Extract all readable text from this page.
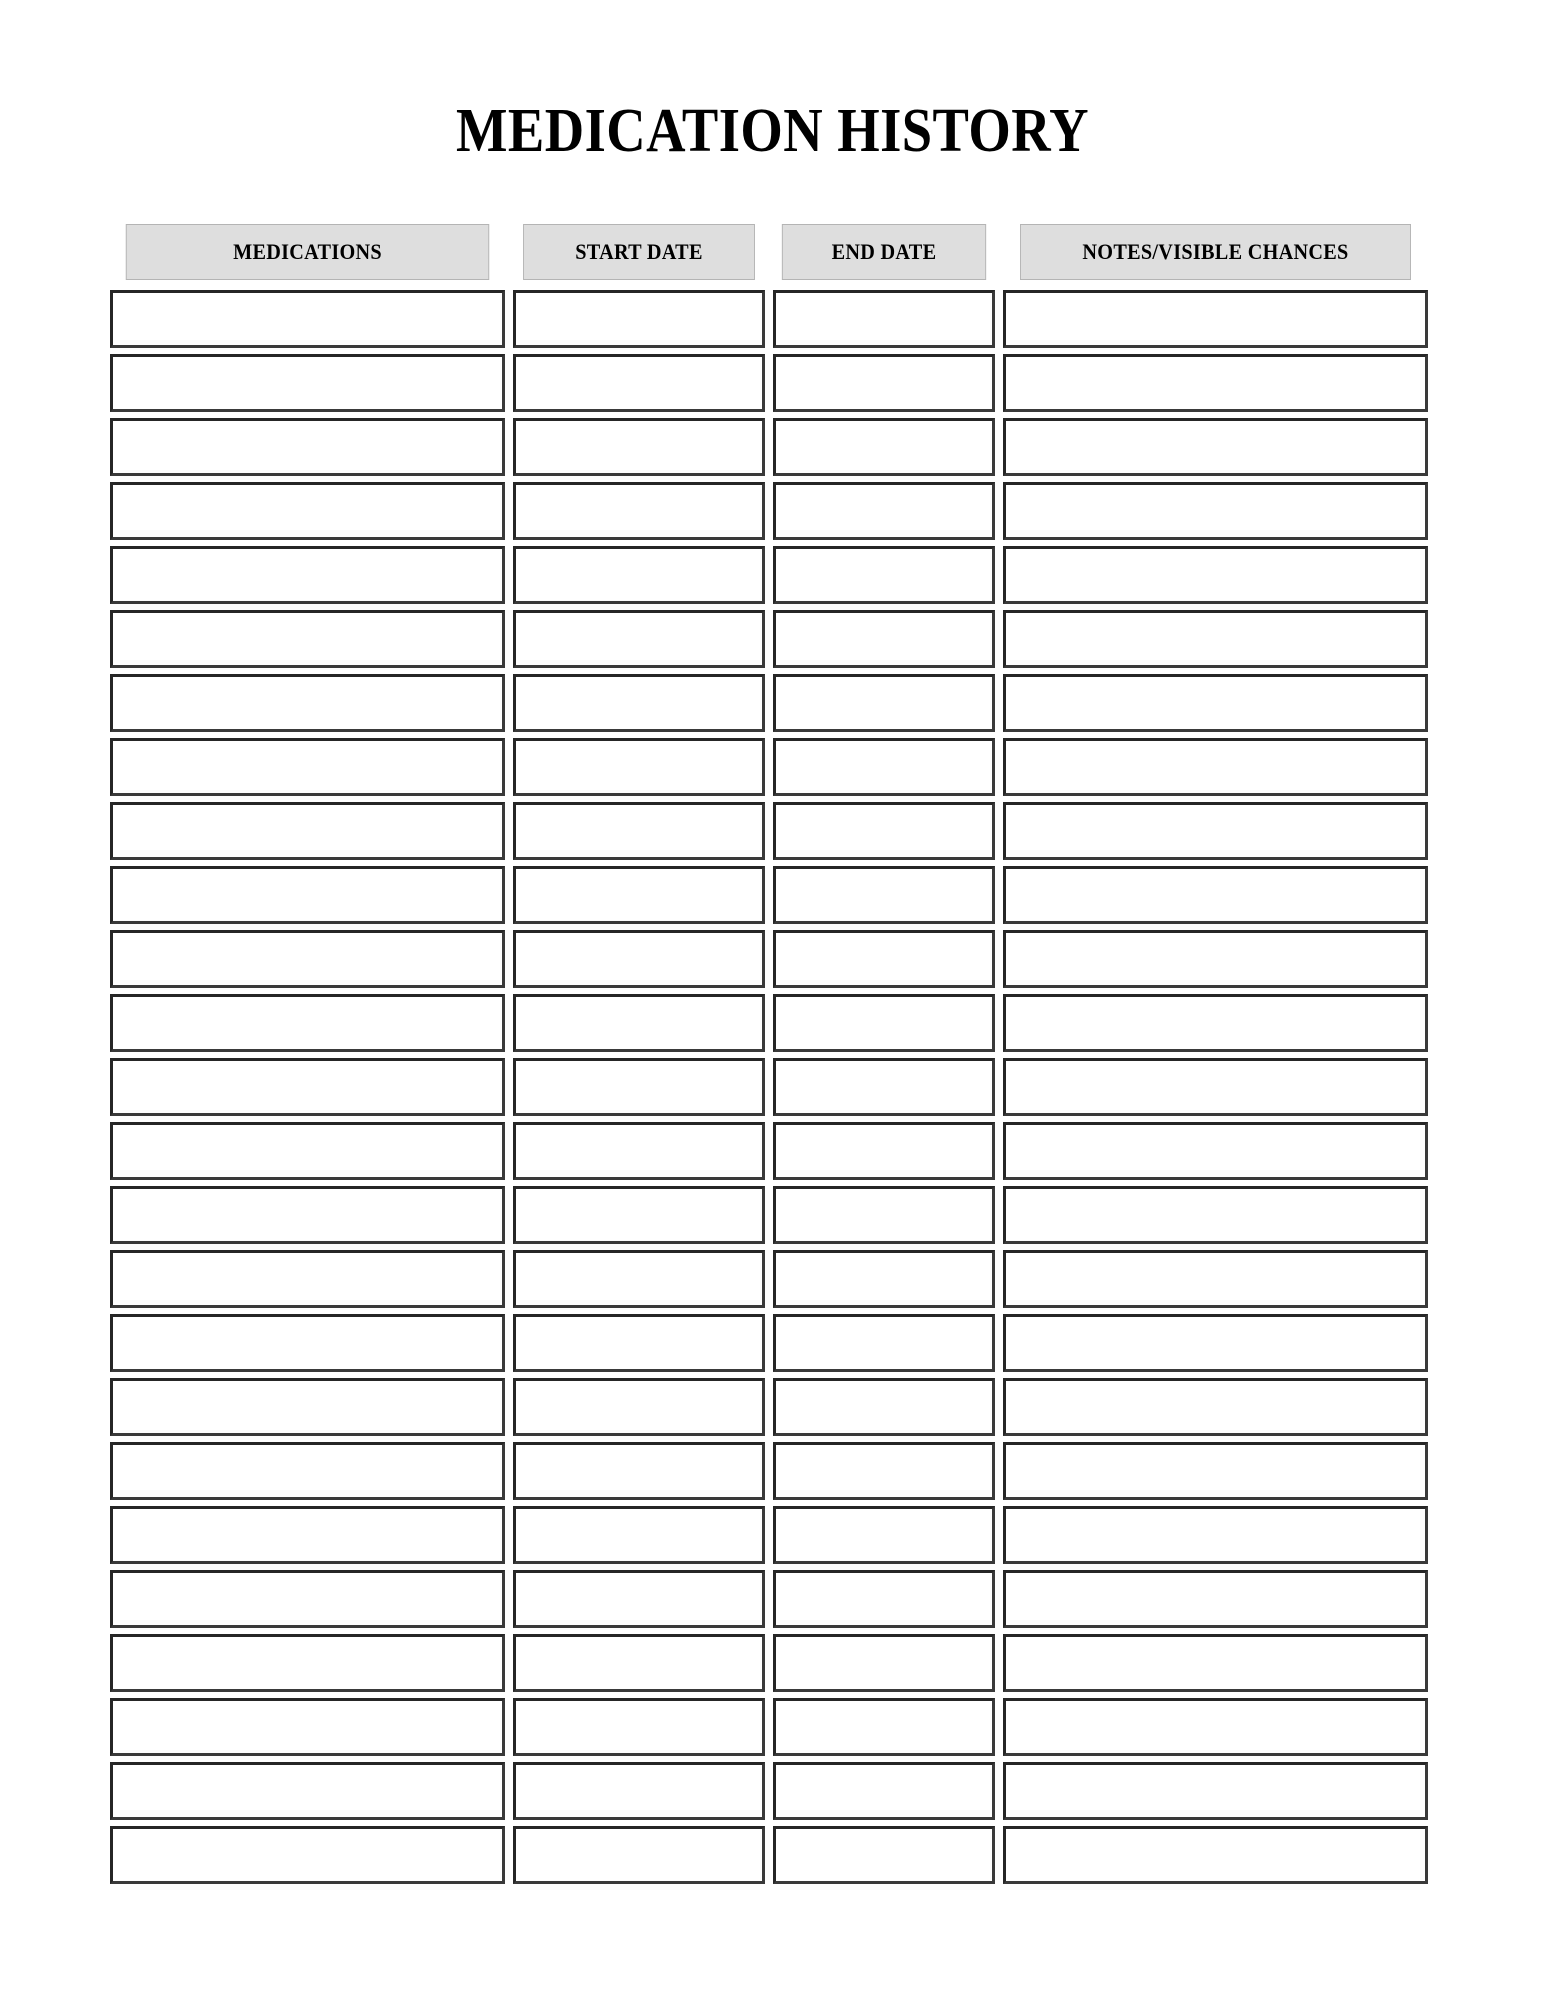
MEDICATION HISTORY
MEDICATIONS	START DATE	END DATE	NOTES/VISIBLE CHANCES
